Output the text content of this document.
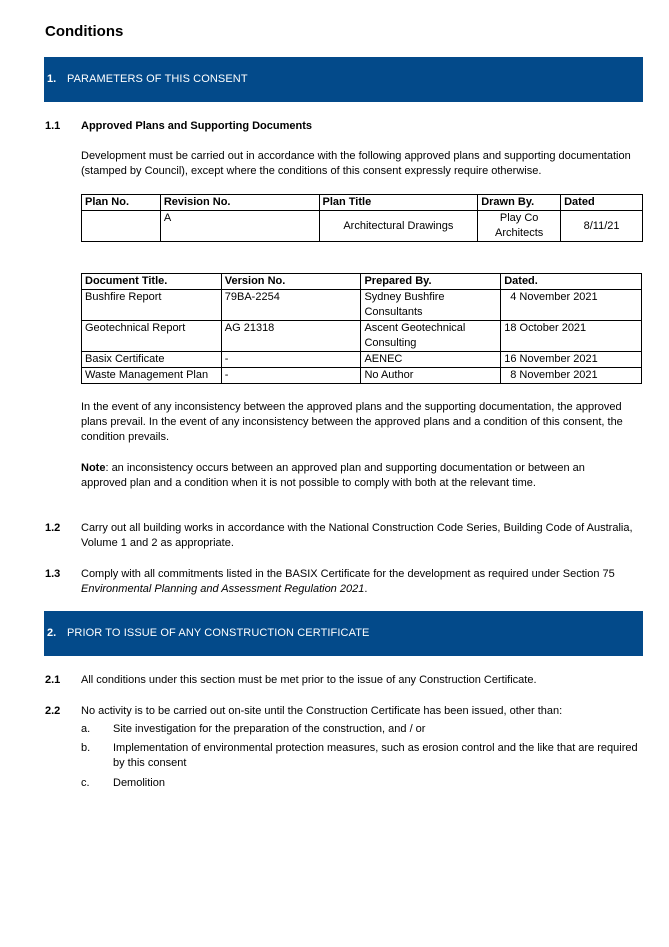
Conditions
1. PARAMETERS OF THIS CONSENT
1.1 Approved Plans and Supporting Documents
Development must be carried out in accordance with the following approved plans and supporting documentation (stamped by Council), except where the conditions of this consent expressly require otherwise.
Plan No.	Revision No.	Plan Title	Drawn By.	Dated
	A	Architectural Drawings	Play Co Architects	8/11/21
Document Title.	Version No.	Prepared By.	Dated.
Bushfire Report	79BA-2254	Sydney Bushfire Consultants	4 November 2021
Geotechnical Report	AG 21318	Ascent Geotechnical Consulting	18 October 2021
Basix Certificate	-	AENEC	16 November 2021
Waste Management Plan	-	No Author	8 November 2021
In the event of any inconsistency between the approved plans and the supporting documentation, the approved plans prevail. In the event of any inconsistency between the approved plans and a condition of this consent, the condition prevails.
Note: an inconsistency occurs between an approved plan and supporting documentation or between an approved plan and a condition when it is not possible to comply with both at the relevant time.
1.2 Carry out all building works in accordance with the National Construction Code Series, Building Code of Australia, Volume 1 and 2 as appropriate.
1.3 Comply with all commitments listed in the BASIX Certificate for the development as required under Section 75 Environmental Planning and Assessment Regulation 2021.
2. PRIOR TO ISSUE OF ANY CONSTRUCTION CERTIFICATE
2.1 All conditions under this section must be met prior to the issue of any Construction Certificate.
2.2 No activity is to be carried out on-site until the Construction Certificate has been issued, other than:
a. Site investigation for the preparation of the construction, and / or
b. Implementation of environmental protection measures, such as erosion control and the like that are required by this consent
c. Demolition
